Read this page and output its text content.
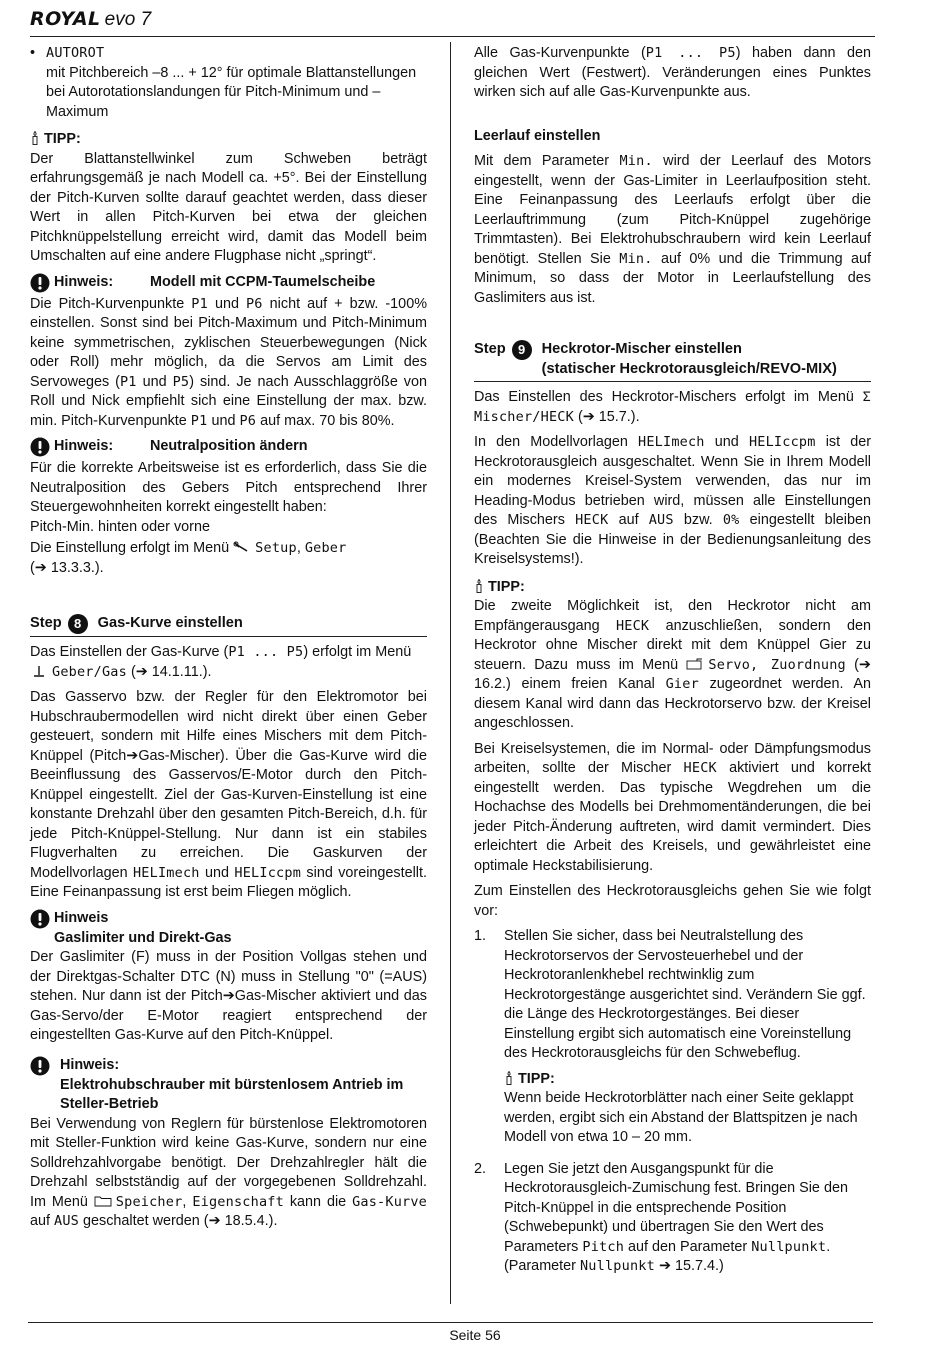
ROYAL evo 7
• AUTOROT
mit Pitchbereich –8 ... + 12° für optimale Blattanstellungen bei Autorotationslandungen für Pitch-Minimum und –Maximum
TIPP:

Der Blattanstellwinkel zum Schweben beträgt erfahrungsgemäß je nach Modell ca. +5°. Bei der Einstellung der Pitch-Kurven sollte darauf geachtet werden, dass dieser Wert in allen Pitch-Kurven bei etwa der gleichen Pitchknüppelstellung erreicht wird, damit das Modell beim Umschalten auf eine andere Flugphase nicht „springt“.

Hinweis:	Modell mit CCPM-Taumelscheibe

Die Pitch-Kurvenpunkte P1 und P6 nicht auf + bzw. -100% einstellen. Sonst sind bei Pitch-Maximum und Pitch-Minimum keine symmetrischen, zyklischen Steuerbewegungen (Nick oder Roll) mehr möglich, da die Servos am Limit des Servoweges (P1 und P5) sind. Je nach Ausschlaggröße von Roll und Nick empfiehlt sich eine Einstellung der max. bzw. min. Pitch-Kurvenpunkte P1 und P6 auf max. 70 bis 80%.

Hinweis:	Neutralposition ändern

Für die korrekte Arbeitsweise ist es erforderlich, dass Sie die Neutralposition des Gebers Pitch entsprechend Ihrer Steuergewohnheiten korrekt eingestellt haben:

Pitch-Min. hinten oder vorne

Die Einstellung erfolgt im Menü Setup, Geber

(➔ 13.3.3.).

Step 8	Gas-Kurve einstellen

Das Einstellen der Gas-Kurve (P1 ... P5) erfolgt im Menü

Geber/Gas (➔ 14.1.11.).

Das Gasservo bzw. der Regler für den Elektromotor bei Hubschraubermodellen wird nicht direkt über einen Geber gesteuert, sondern mit Hilfe eines Mischers mit dem Pitch-Knüppel (Pitch➔Gas-Mischer). Über die Gas-Kurve wird die Beeinflussung des Gasservos/E-Motor durch den Pitch-Knüppel eingestellt. Ziel der Gas-Kurven-Einstellung ist eine konstante Drehzahl über den gesamten Pitch-Bereich, d.h. für jede Pitch-Knüppel-Stellung. Nur dann ist ein stabiles Flugverhalten zu erreichen. Die Gaskurven der Modellvorlagen HELImech und HELIccpm sind voreingestellt. Eine Feinanpassung ist erst beim Fliegen möglich.

Hinweis
Gaslimiter und Direkt-Gas

Der Gaslimiter (F) muss in der Position Vollgas stehen und der Direktgas-Schalter DTC (N) muss in Stellung "0" (=AUS) stehen. Nur dann ist der Pitch➔Gas-Mischer aktiviert und das Gas-Servo/der E-Motor reagiert entsprechend der eingestellten Gas-Kurve auf den Pitch-Knüppel.

Hinweis:
Elektrohubschrauber mit bürstenlosem Antrieb im Steller-Betrieb

Bei Verwendung von Reglern für bürstenlose Elektromotoren mit Steller-Funktion wird keine Gas-Kurve, sondern nur eine Solldrehzahlvorgabe benötigt. Der Drehzahlregler hält die Drehzahl selbstständig auf der vorgegebenen Solldrehzahl. Im Menü Speicher, Eigenschaft kann die Gas-Kurve auf AUS geschaltet werden (➔ 18.5.4.).

Alle Gas-Kurvenpunkte (P1 ... P5) haben dann den gleichen Wert (Festwert). Veränderungen eines Punktes wirken sich auf alle Gas-Kurvenpunkte aus.

Leerlauf einstellen

Mit dem Parameter Min. wird der Leerlauf des Motors eingestellt, wenn der Gas-Limiter in Leerlaufposition steht. Eine Feinanpassung des Leerlaufs erfolgt über die Leerlauftrimmung (zum Pitch-Knüppel zugehörige Trimmtasten). Bei Elektrohubschraubern wird kein Leerlauf benötigt. Stellen Sie Min. auf 0% und die Trimmung auf Minimum, so dass der Motor in Leerlaufstellung des Gaslimiters aus ist.

Step 9	Heckrotor-Mischer einstellen
(statischer Heckrotorausgleich/REVO-MIX)

Das Einstellen des Heckrotor-Mischers erfolgt im Menü Σ Mischer/HECK (➔ 15.7.).

In den Modellvorlagen HELImech und HELIccpm ist der Heckrotorausgleich ausgeschaltet. Wenn Sie in Ihrem Modell ein modernes Kreisel-System verwenden, das nur im Heading-Modus betrieben wird, müssen alle Einstellungen des Mischers HECK auf AUS bzw. 0% eingestellt bleiben (Beachten Sie die Hinweise in der Bedienungsanleitung des Kreiselsystems!).

TIPP:

Die zweite Möglichkeit ist, den Heckrotor nicht am Empfängerausgang HECK anzuschließen, sondern den Heckrotor ohne Mischer direkt mit dem Knüppel Gier zu steuern. Dazu muss im Menü Servo, Zuordnung (➔ 16.2.) einem freien Kanal Gier zugeordnet werden. An diesem Kanal wird dann das Heckrotorservo bzw. der Kreisel angeschlossen.

Bei Kreiselsystemen, die im Normal- oder Dämpfungsmodus arbeiten, sollte der Mischer HECK aktiviert und korrekt eingestellt werden. Das typische Wegdrehen um die Hochachse des Modells bei Drehmomentänderungen, die bei jeder Pitch-Änderung auftreten, wird damit vermindert. Dies erleichtert die Arbeit des Kreisels, und gewährleistet eine optimale Heckstabilisierung.

Zum Einstellen des Heckrotorausgleichs gehen Sie wie folgt vor:

1.	Stellen Sie sicher, dass bei Neutralstellung des Heckrotorservos der Servosteuerhebel und der Heckrotoranlenkhebel rechtwinklig zum Heckrotorgestänge ausgerichtet sind. Verändern Sie ggf. die Länge des Heckrotorgestänges. Bei dieser Einstellung ergibt sich automatisch eine Voreinstellung des Heckrotorausgleichs für den Schwebeflug.

TIPP:

Wenn beide Heckrotorblätter nach einer Seite geklappt werden, ergibt sich ein Abstand der Blattspitzen je nach Modell von etwa 10 – 20 mm.

2.	Legen Sie jetzt den Ausgangspunkt für die Heckrotorausgleich-Zumischung fest. Bringen Sie den Pitch-Knüppel in die entsprechende Position (Schwebepunkt) und übertragen Sie den Wert des Parameters Pitch auf den Parameter Nullpunkt.
(Parameter Nullpunkt ➔ 15.7.4.)

Seite 56
